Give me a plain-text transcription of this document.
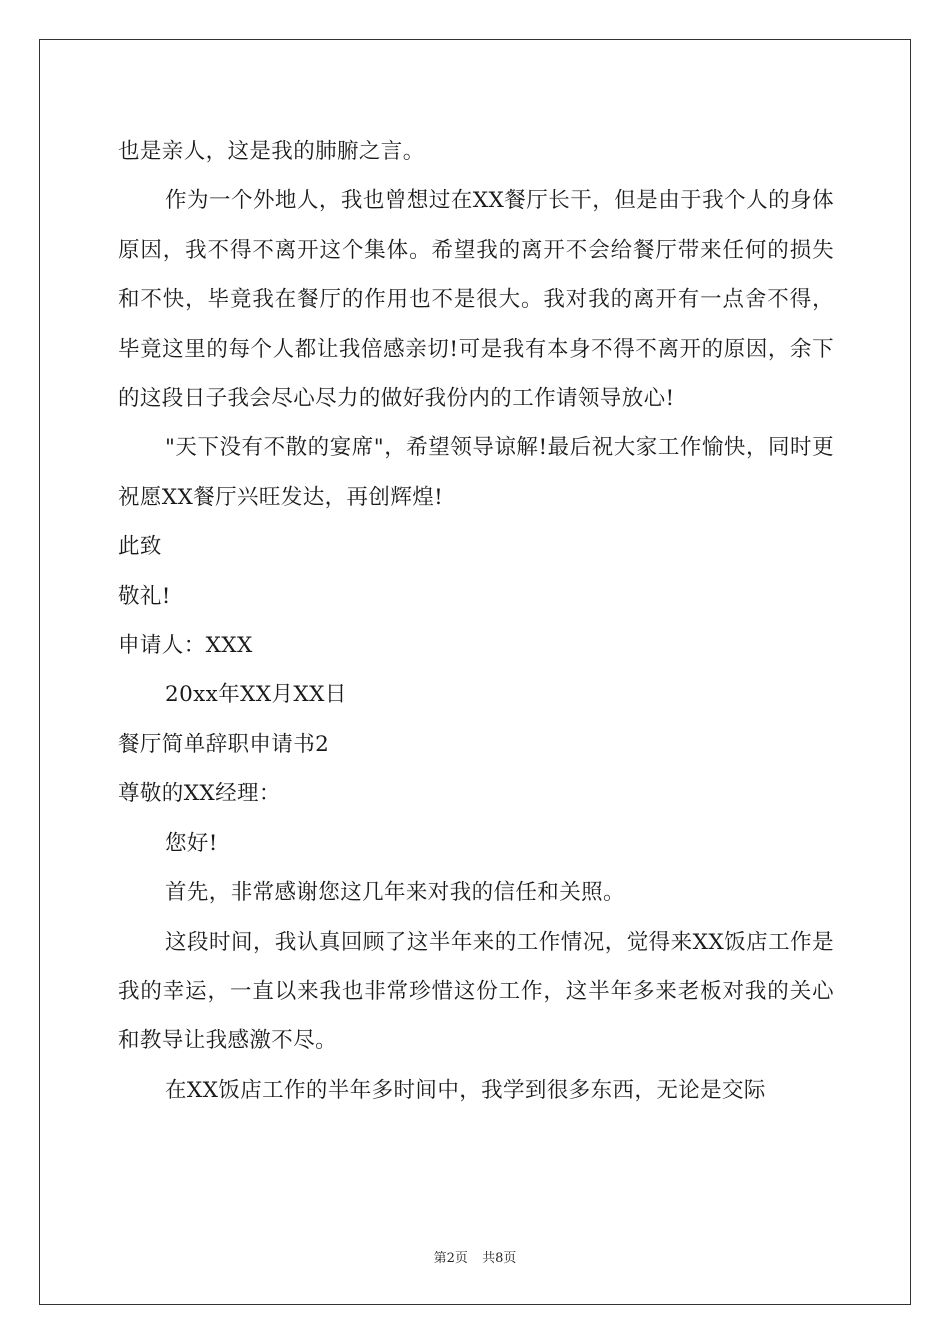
也是亲人，这是我的肺腑之言。

作为一个外地人，我也曾想过在XX餐厅长干，但是由于我个人的身体原因，我不得不离开这个集体。希望我的离开不会给餐厅带来任何的损失和不快，毕竟我在餐厅的作用也不是很大。我对我的离开有一点舍不得，毕竟这里的每个人都让我倍感亲切!可是我有本身不得不离开的原因，余下的这段日子我会尽心尽力的做好我份内的工作请领导放心!

"天下没有不散的宴席"，希望领导谅解!最后祝大家工作愉快，同时更祝愿XX餐厅兴旺发达，再创辉煌!

此致

敬礼!

申请人：XXX

20xx年XX月XX日

餐厅简单辞职申请书2

尊敬的XX经理：

您好!

首先，非常感谢您这几年来对我的信任和关照。

这段时间，我认真回顾了这半年来的工作情况，觉得来XX饭店工作是我的幸运，一直以来我也非常珍惜这份工作，这半年多来老板对我的关心和教导让我感激不尽。

在XX饭店工作的半年多时间中，我学到很多东西，无论是交际

第2页 共8页
